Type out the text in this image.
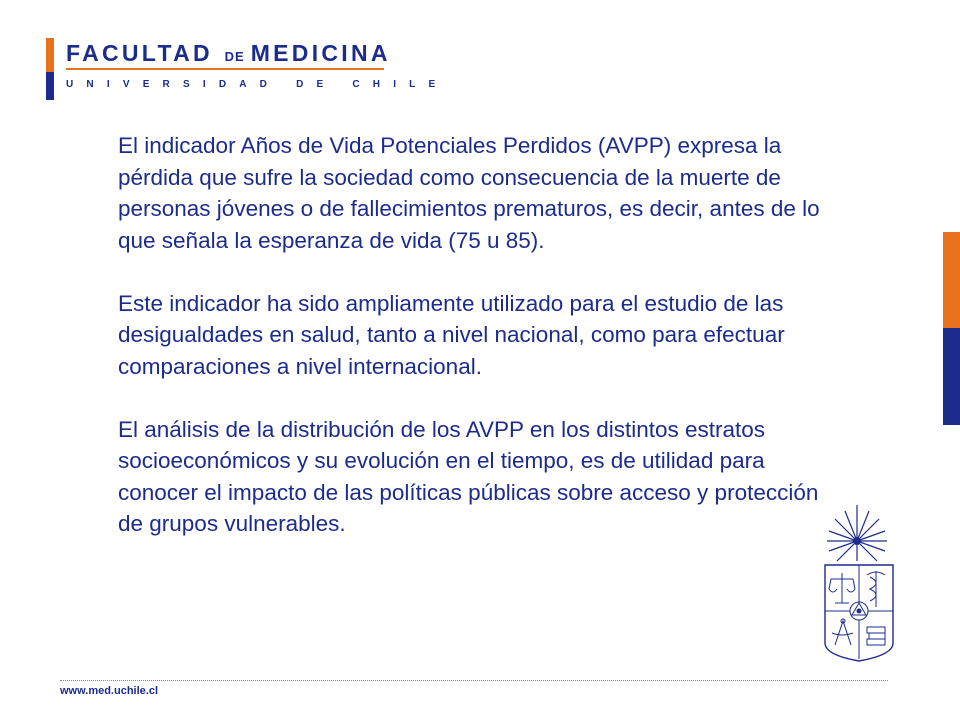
FACULTAD DE MEDICINA
UNIVERSIDAD DE CHILE

El indicador Años de Vida Potenciales Perdidos (AVPP) expresa la pérdida que sufre la sociedad como consecuencia de la muerte de personas jóvenes o de fallecimientos prematuros, es decir, antes de lo que señala la esperanza de vida (75 u 85).

Este indicador ha sido ampliamente utilizado para el estudio de las desigualdades en salud, tanto a nivel nacional, como para efectuar comparaciones a nivel internacional.

El análisis de la distribución de los AVPP en los distintos estratos socioeconómicos y su evolución en el tiempo, es de utilidad para conocer el impacto de las políticas públicas sobre acceso y protección de grupos vulnerables.

www.med.uchile.cl
